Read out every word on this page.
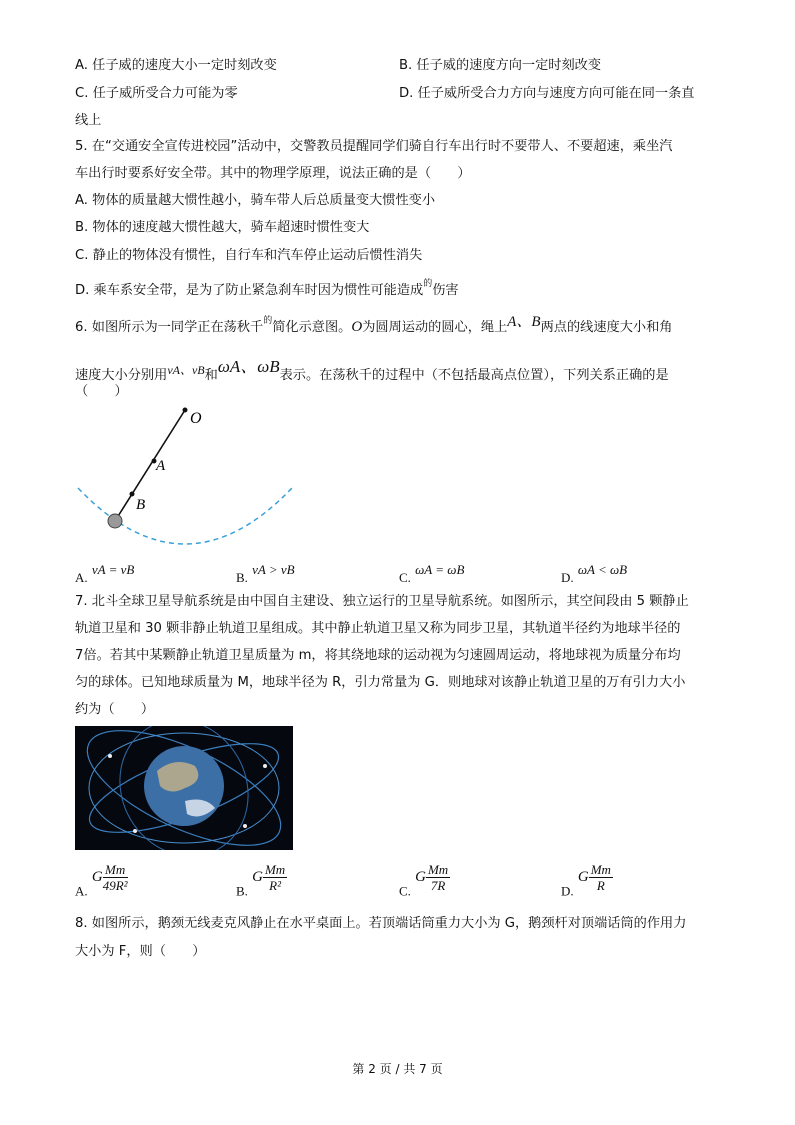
A. 任子威的速度大小一定时刻改变	B. 任子威的速度方向一定时刻改变
C. 任子威所受合力可能为零	D. 任子威所受合力方向与速度方向可能在同一条直
线上
5. 在“交通安全宣传进校园”活动中，交警教员提醒同学们骑自行车出行时不要带人、不要超速，乘坐汽
车出行时要系好安全带。其中的物理学原理，说法正确的是（　　）
A. 物体的质量越大惯性越小，骑车带人后总质量变大惯性变小
B. 物体的速度越大惯性越大，骑车超速时惯性变大
C. 静止的物体没有惯性，自行车和汽车停止运动后惯性消失
D. 乘车系安全带，是为了防止紧急刹车时因为惯性可能造成$^的$伤害
6. 如图所示为一同学正在荡秋千$^的$简化示意图。O为圆周运动的圆心，绳上A、B两点的线速度大小和角
速度大小分别用vA、vB和ωA、ωB表示。在荡秋千的过程中（不包括最高点位置），下列关系正确的是
（　　）
O
A
B
A. vA = vB
B. vA > vB
C. ωA = ωB
D. ωA < ωB
7. 北斗全球卫星导航系统是由中国自主建设、独立运行的卫星导航系统。如图所示，其空间段由 5 颗静止
轨道卫星和 30 颗非静止轨道卫星组成。其中静止轨道卫星又称为同步卫星，其轨道半径约为地球半径的
7倍。若其中某颗静止轨道卫星质量为 m，将其绕地球的运动视为匀速圆周运动，将地球视为质量分布均
匀的球体。已知地球质量为 M，地球半径为 R，引力常量为 G．则地球对该静止轨道卫星的万有引力大小
约为（　　）
A. G $\frac{Mm}{\text{49R²}}$	B. G $\frac{Mm}{\text{R²}}$	C. G $\frac{Mm}{7R}$	D. G $\frac{Mm}{R}$
8. 如图所示，鹅颈无线麦克风静止在水平桌面上。若顶端话筒重力大小为 G，鹅颈杆对顶端话筒的作用力
大小为 F，则（　　）
第 2 页 / 共 7 页
